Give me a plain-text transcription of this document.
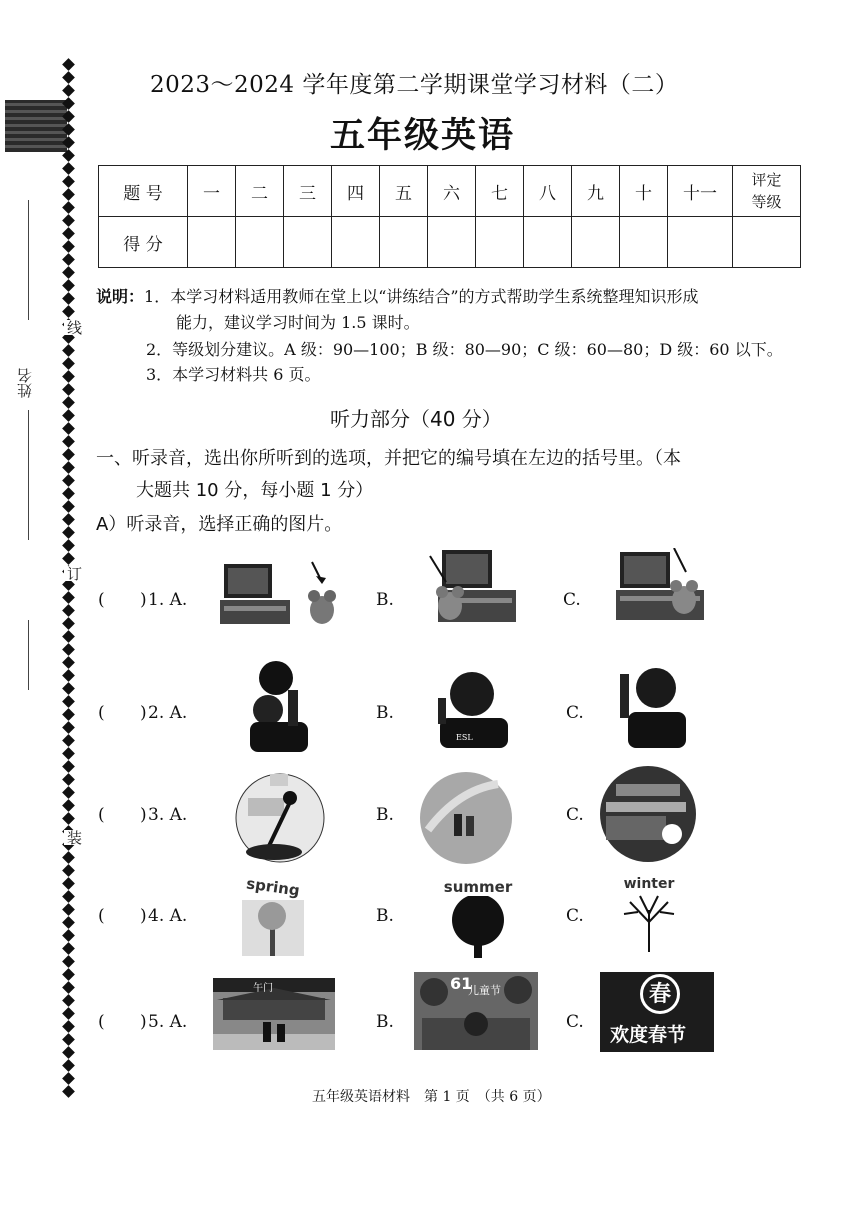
姓名
线
订
装
2023～2024 学年度第二学期课堂学习材料（二）
五年级英语
题 号	一	二	三	四	五	六	七	八	九	十	十一	评定
等级
得 分												
说明：1．本学习材料适用教师在堂上以“讲练结合”的方式帮助学生系统整理知识形成
能力，建议学习时间为 1.5 课时。
2．等级划分建议。A 级：90—100；B 级：80—90；C 级：60—80；D 级：60 以下。
3．本学习材料共 6 页。
听力部分（40 分）
一、听录音，选出你所听到的选项，并把它的编号填在左边的括号里。（本
大题共 10 分，每小题 1 分）
A）听录音，选择正确的图片。
( ) 1. A.	B.	C.
( ) 2. A.	B.	C.
( ) 3. A.	B.	C.
( ) 4. A.	B.	C.
( ) 5. A.	B.	C.
ESL
spring	summer	winter
午门	61
儿童节	春
欢度春节
五年级英语材料　第 1 页　（共 6 页）
